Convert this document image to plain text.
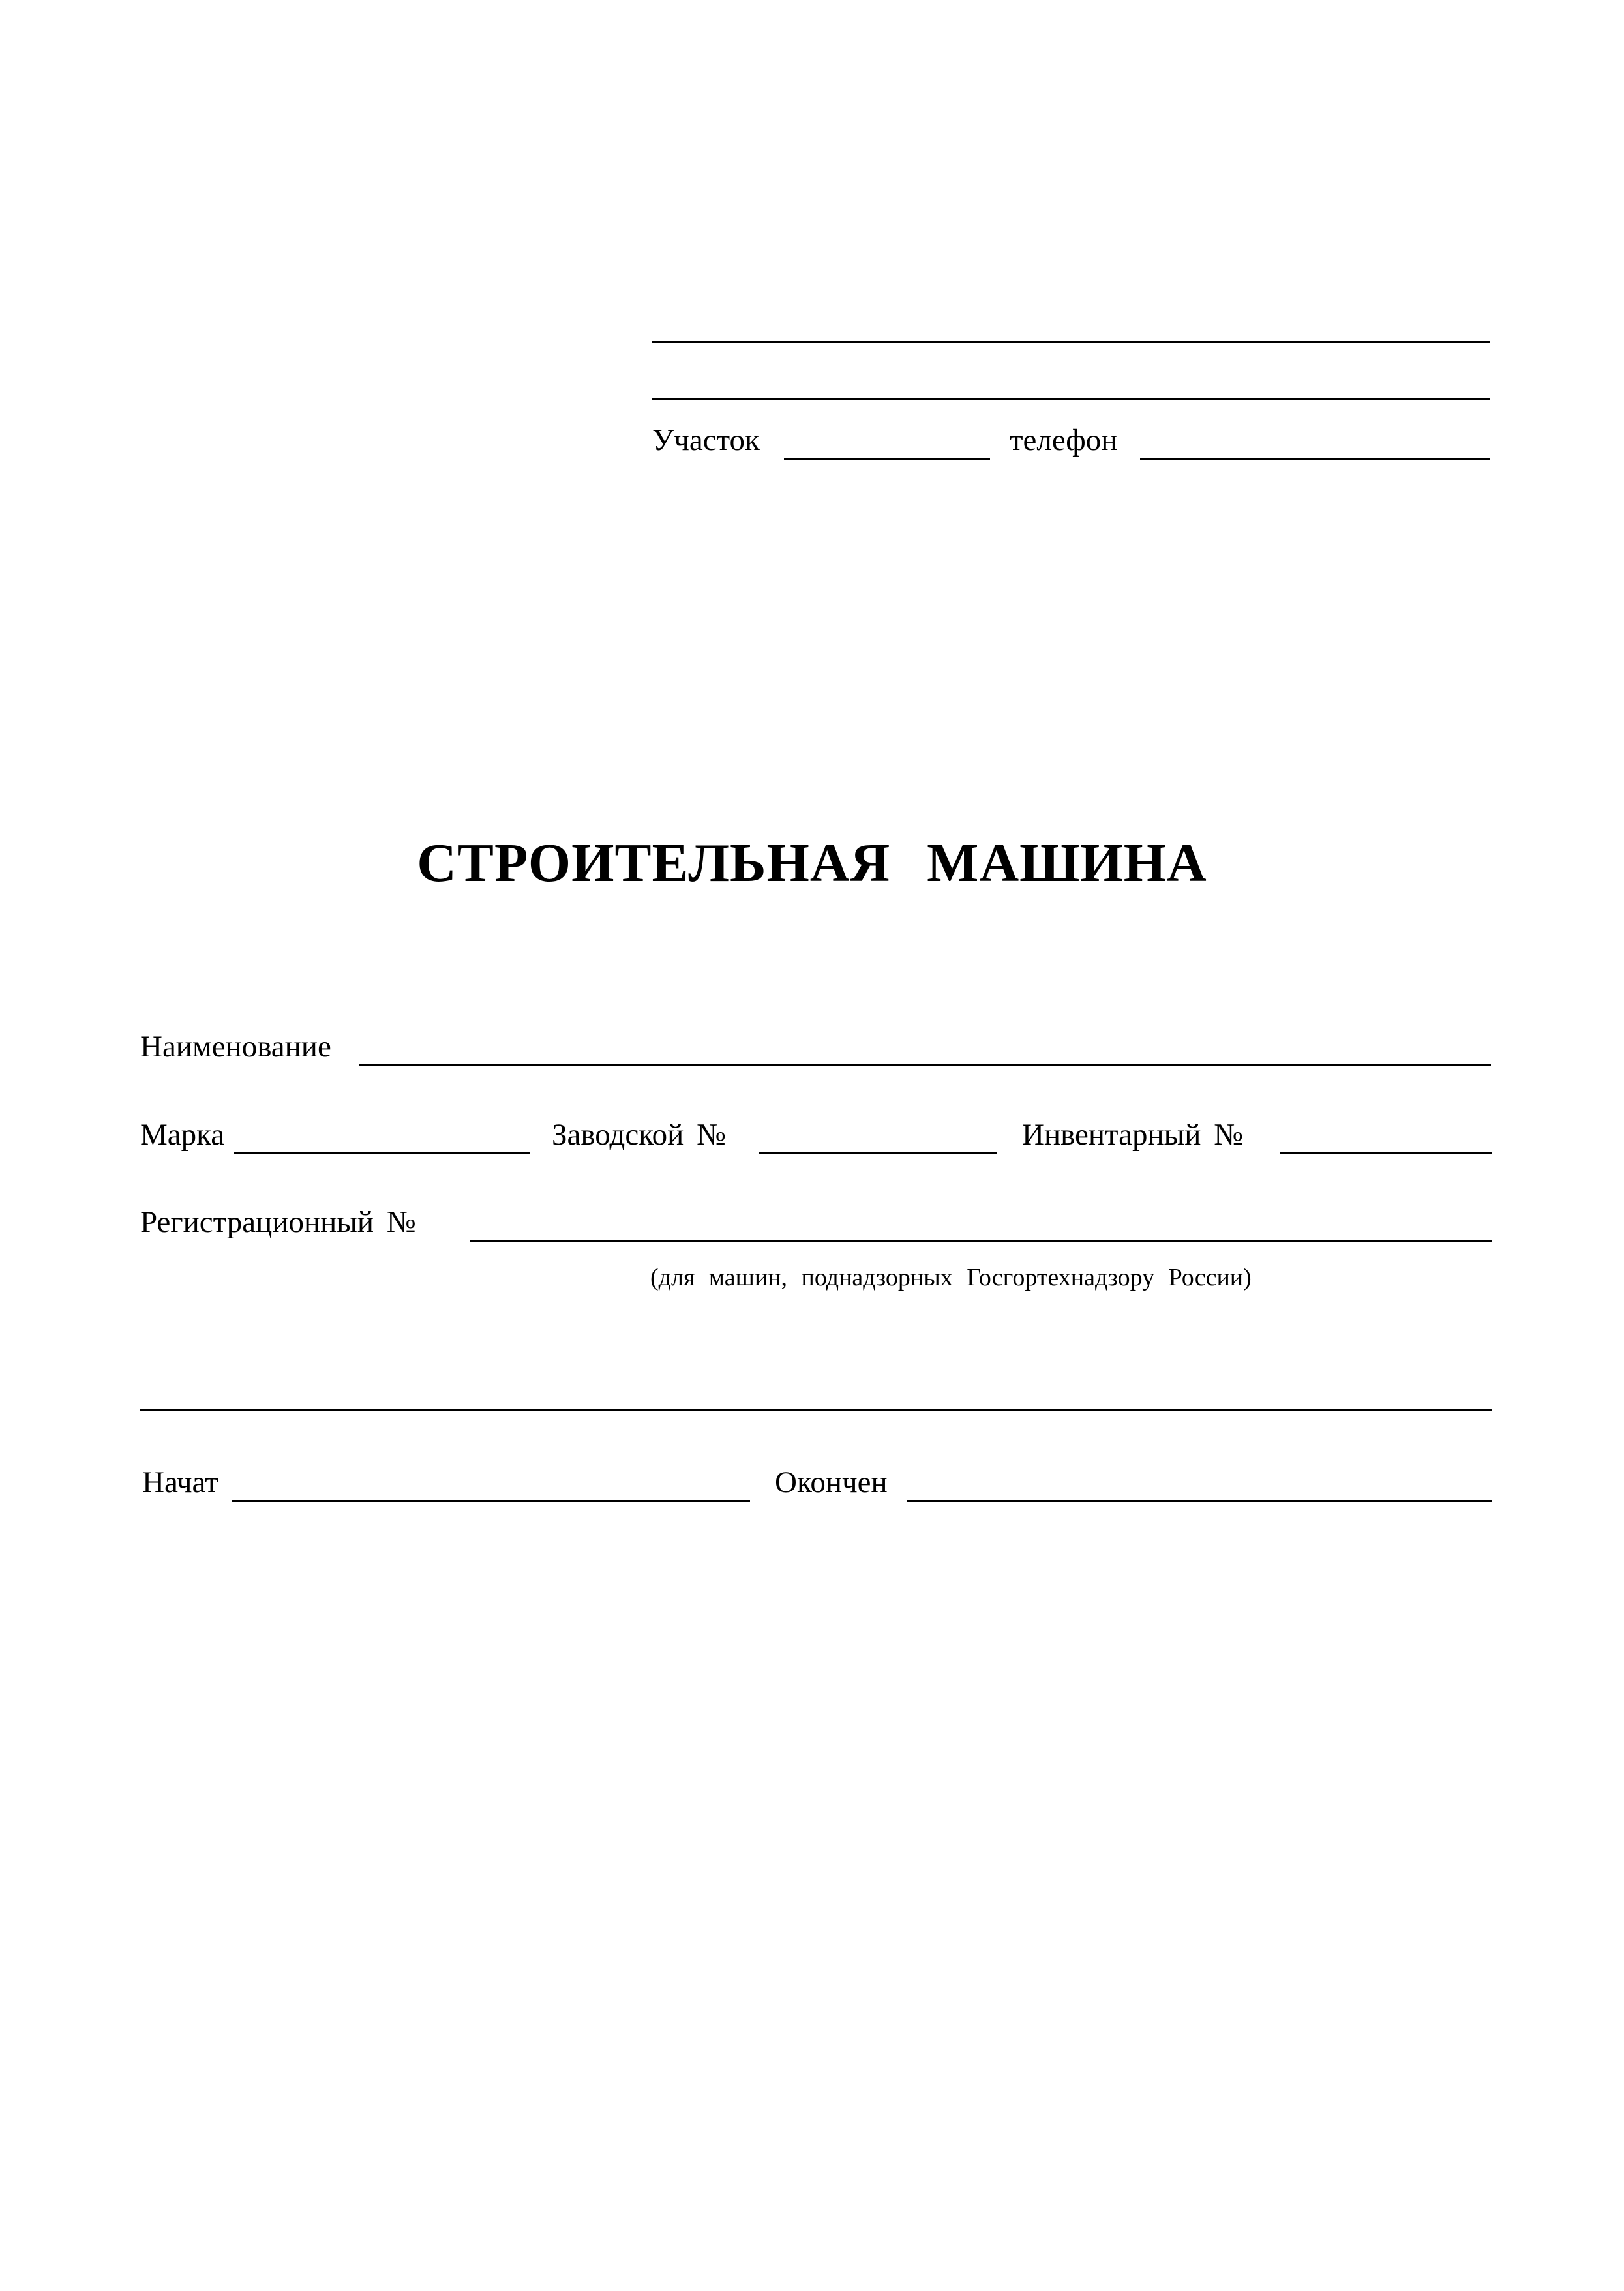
Участок	телефон
СТРОИТЕЛЬНАЯ МАШИНА
Наименование
Марка	Заводской №	Инвентарный №
Регистрационный №
(для машин, поднадзорных Госгортехнадзору России)
Начат	Окончен
